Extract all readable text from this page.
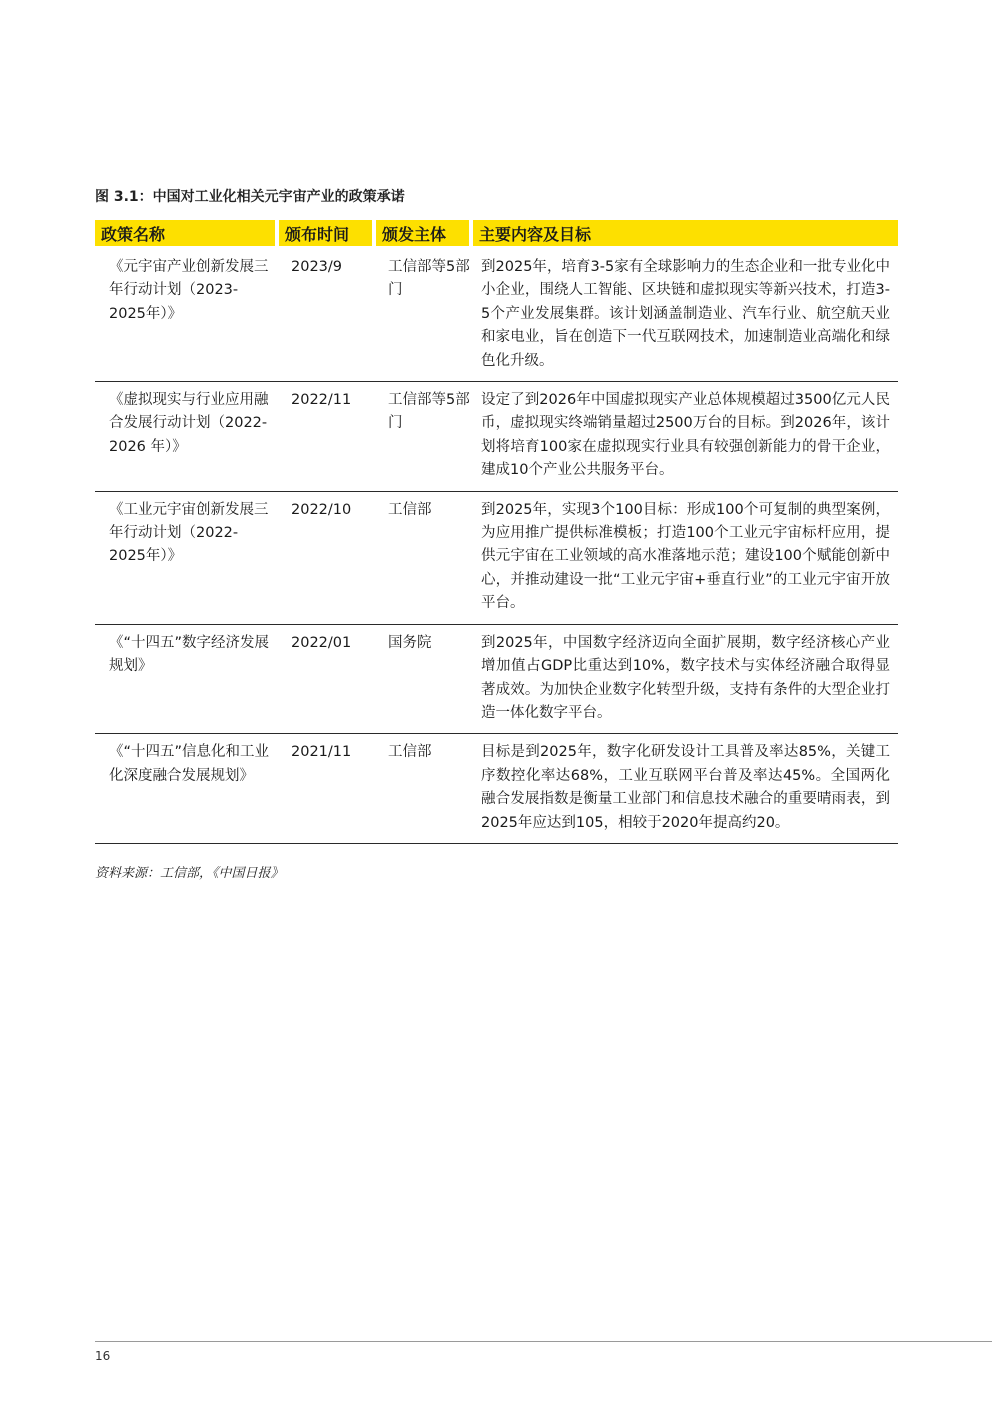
图 3.1：中国对工业化相关元宇宙产业的政策承诺
政策名称	颁布时间	颁发主体	主要内容及目标
《元宇宙产业创新发展三年行动计划（2023-2025年）》	2023/9	工信部等5部门	到2025年，培育3-5家有全球影响力的生态企业和一批专业化中小企业，围绕人工智能、区块链和虚拟现实等新兴技术，打造3-5个产业发展集群。该计划涵盖制造业、汽车行业、航空航天业和家电业，旨在创造下一代互联网技术，加速制造业高端化和绿色化升级。
《虚拟现实与行业应用融合发展行动计划（2022-2026 年）》	2022/11	工信部等5部门	设定了到2026年中国虚拟现实产业总体规模超过3500亿元人民币，虚拟现实终端销量超过2500万台的目标。到2026年，该计划将培育100家在虚拟现实行业具有较强创新能力的骨干企业，建成10个产业公共服务平台。
《工业元宇宙创新发展三年行动计划（2022-2025年）》	2022/10	工信部	到2025年，实现3个100目标：形成100个可复制的典型案例，为应用推广提供标准模板；打造100个工业元宇宙标杆应用，提供元宇宙在工业领域的高水准落地示范；建设100个赋能创新中心，并推动建设一批“工业元宇宙+垂直行业”的工业元宇宙开放平台。
《“十四五”数字经济发展规划》	2022/01	国务院	到2025年，中国数字经济迈向全面扩展期，数字经济核心产业增加值占GDP比重达到10%，数字技术与实体经济融合取得显著成效。为加快企业数字化转型升级，支持有条件的大型企业打造一体化数字平台。
《“十四五”信息化和工业化深度融合发展规划》	2021/11	工信部	目标是到2025年，数字化研发设计工具普及率达85%，关键工序数控化率达68%，工业互联网平台普及率达45%。全国两化融合发展指数是衡量工业部门和信息技术融合的重要晴雨表，到2025年应达到105，相较于2020年提高约20。
资料来源：工信部，《中国日报》
16
